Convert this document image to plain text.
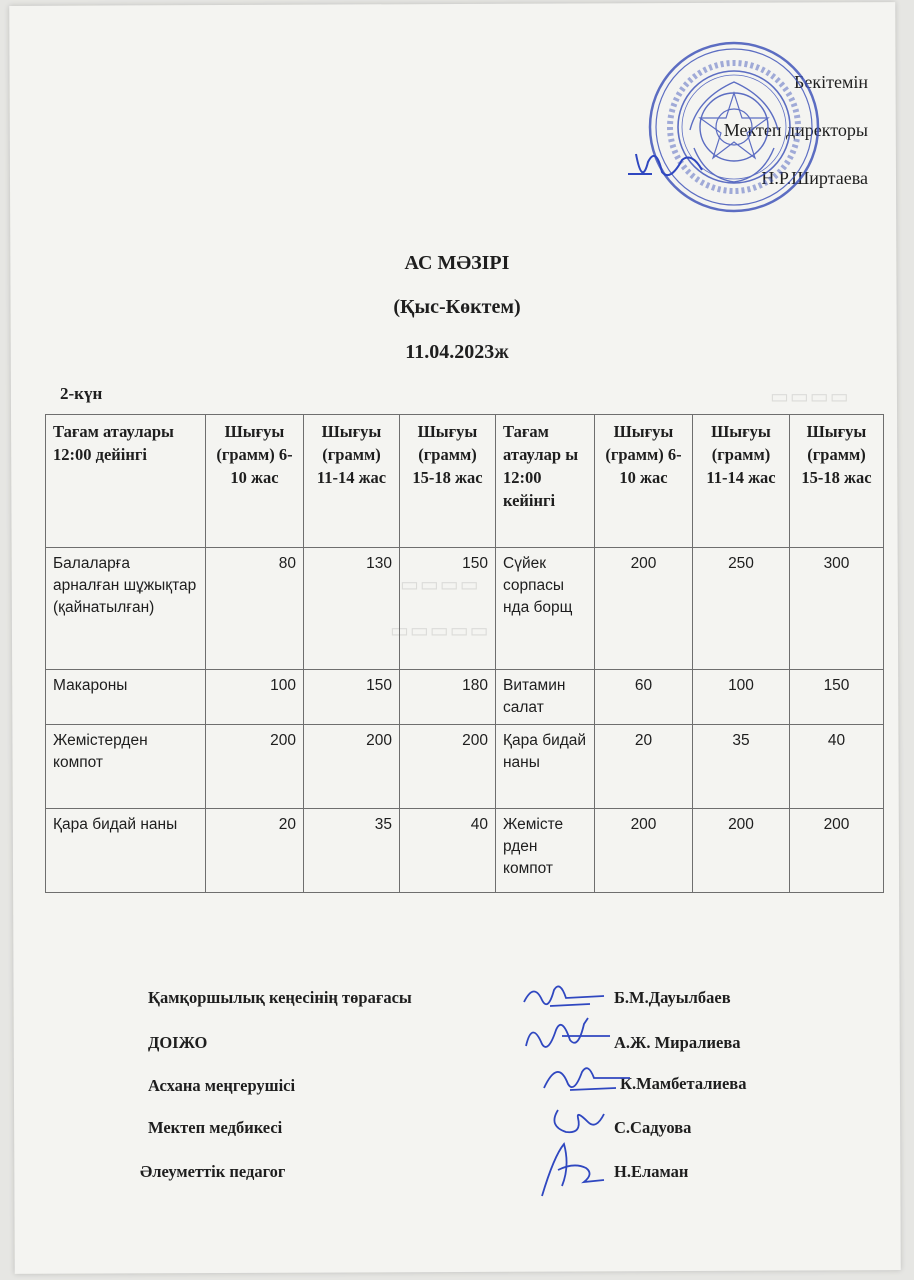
▭▭▭▭
▭▭▭▭▭
▭▭▭▭
Бекітемін
Мектеп директоры
Н.Р.Ширтаева
АС МӘЗІРІ
(Қыс-Көктем)
11.04.2023ж
2-күн
Тағам атаулары 12:00 дейінгі	Шығуы (грамм) 6-10 жас	Шығуы (грамм) 11-14 жас	Шығуы (грамм) 15-18 жас	Тағам атаулар ы 12:00 кейінгі	Шығуы (грамм) 6-10 жас	Шығуы (грамм) 11-14 жас	Шығуы (грамм) 15-18 жас
Балаларға арналған шұжықтар (қайнатылған)	80	130	150	Сүйек сорпасы нда борщ	200	250	300
Макароны	100	150	180	Витамин салат	60	100	150
Жемістерден компот	200	200	200	Қара бидай наны	20	35	40
Қара бидай наны	20	35	40	Жемісте рден компот	200	200	200
Қамқоршылық кеңесінің төрағасы	Б.М.Дауылбаев
ДОІЖО	А.Ж. Миралиева
Асхана меңгерушісі	К.Мамбеталиева
Мектеп медбикесі	С.Садуова
Әлеуметтік педагог	Н.Еламан
